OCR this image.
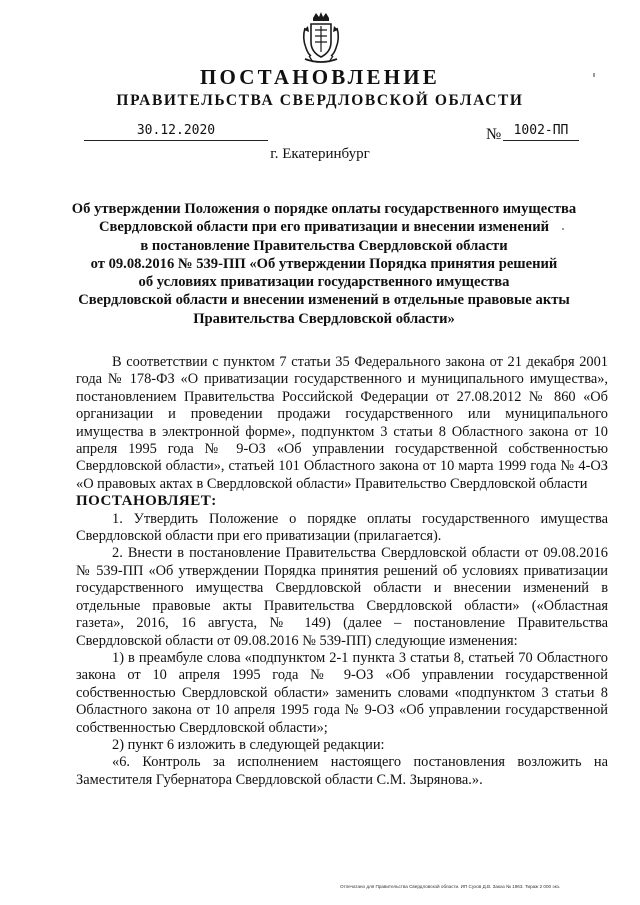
ПОСТАНОВЛЕНИЕ
ПРАВИТЕЛЬСТВА СВЕРДЛОВСКОЙ ОБЛАСТИ
30.12.2020	№ 1002-ПП
г. Екатеринбург
Об утверждении Положения о порядке оплаты государственного имущества
Свердловской области при его приватизации и внесении изменений
в постановление Правительства Свердловской области
от 09.08.2016 № 539-ПП «Об утверждении Порядка принятия решений
об условиях приватизации государственного имущества
Свердловской области и внесении изменений в отдельные правовые акты
Правительства Свердловской области»

В соответствии с пунктом 7 статьи 35 Федерального закона от 21 декабря 2001 года № 178-ФЗ «О приватизации государственного и муниципального имущества», постановлением Правительства Российской Федерации от 27.08.2012 № 860 «Об организации и проведении продажи государственного или муниципального имущества в электронной форме», подпунктом 3 статьи 8 Областного закона от 10 апреля 1995 года № 9-ОЗ «Об управлении государственной собственностью Свердловской области», статьей 101 Областного закона от 10 марта 1999 года № 4-ОЗ «О правовых актах в Свердловской области» Правительство Свердловской области

ПОСТАНОВЛЯЕТ:

1. Утвердить Положение о порядке оплаты государственного имущества Свердловской области при его приватизации (прилагается).

2. Внести в постановление Правительства Свердловской области от 09.08.2016 № 539-ПП «Об утверждении Порядка принятия решений об условиях приватизации государственного имущества Свердловской области и внесении изменений в отдельные правовые акты Правительства Свердловской области» («Областная газета», 2016, 16 августа, № 149) (далее – постановление Правительства Свердловской области от 09.08.2016 № 539-ПП) следующие изменения:

1) в преамбуле слова «подпунктом 2-1 пункта 3 статьи 8, статьей 70 Областного закона от 10 апреля 1995 года № 9-ОЗ «Об управлении государственной собственностью Свердловской области» заменить словами «подпунктом 3 статьи 8 Областного закона от 10 апреля 1995 года № 9-ОЗ «Об управлении государственной собственностью Свердловской области»;

2) пункт 6 изложить в следующей редакции:

«6. Контроль за исполнением настоящего постановления возложить на Заместителя Губернатора Свердловской области С.М. Зырянова.».

Отпечатано для Правительства Свердловской области. ИП Сухов Д.В. Заказ № 1963. Тираж 2 000 экз.
